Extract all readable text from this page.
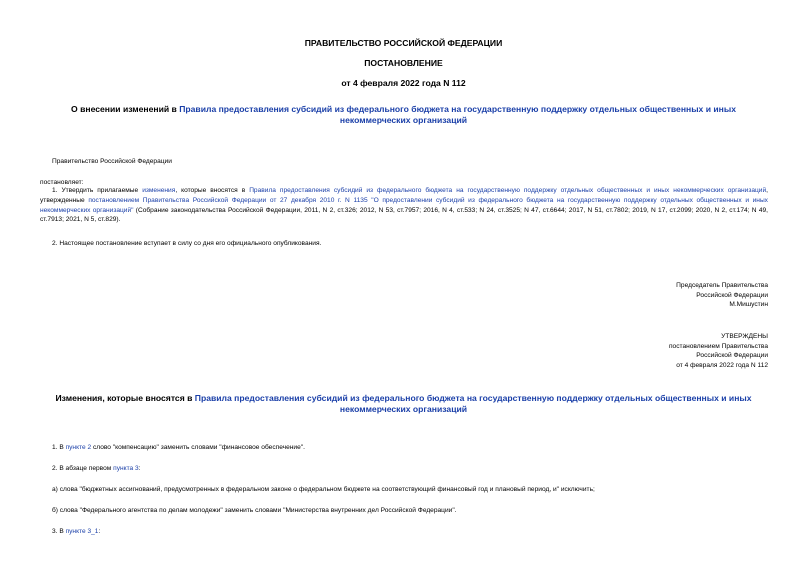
ПРАВИТЕЛЬСТВО РОССИЙСКОЙ ФЕДЕРАЦИИ
ПОСТАНОВЛЕНИЕ
от 4 февраля 2022 года N 112
О внесении изменений в Правила предоставления субсидий из федерального бюджета на государственную поддержку отдельных общественных и иных некоммерческих организаций
Правительство Российской Федерации
постановляет:
1. Утвердить прилагаемые изменения, которые вносятся в Правила предоставления субсидий из федерального бюджета на государственную поддержку отдельных общественных и иных некоммерческих организаций, утвержденные постановлением Правительства Российской Федерации от 27 декабря 2010 г. N 1135 "О предоставлении субсидий из федерального бюджета на государственную поддержку отдельных общественных и иных некоммерческих организаций" (Собрание законодательства Российской Федерации, 2011, N 2, ст.326; 2012, N 53, ст.7957; 2016, N 4, ст.533; N 24, ст.3525; N 47, ст.6644; 2017, N 51, ст.7802; 2019, N 17, ст.2099; 2020, N 2, ст.174; N 49, ст.7913; 2021, N 5, ст.829).
2. Настоящее постановление вступает в силу со дня его официального опубликования.
Председатель Правительства
Российской Федерации
М.Мишустин
УТВЕРЖДЕНЫ
постановлением Правительства
Российской Федерации
от 4 февраля 2022 года N 112
Изменения, которые вносятся в Правила предоставления субсидий из федерального бюджета на государственную поддержку отдельных общественных и иных некоммерческих организаций
1. В пункте 2 слово "компенсацию" заменить словами "финансовое обеспечение".
2. В абзаце первом пункта 3:
а) слова "бюджетных ассигнований, предусмотренных в федеральном законе о федеральном бюджете на соответствующий финансовый год и плановый период, и" исключить;
б) слова "Федерального агентства по делам молодежи" заменить словами "Министерства внутренних дел Российской Федерации".
3. В пункте 3_1:
